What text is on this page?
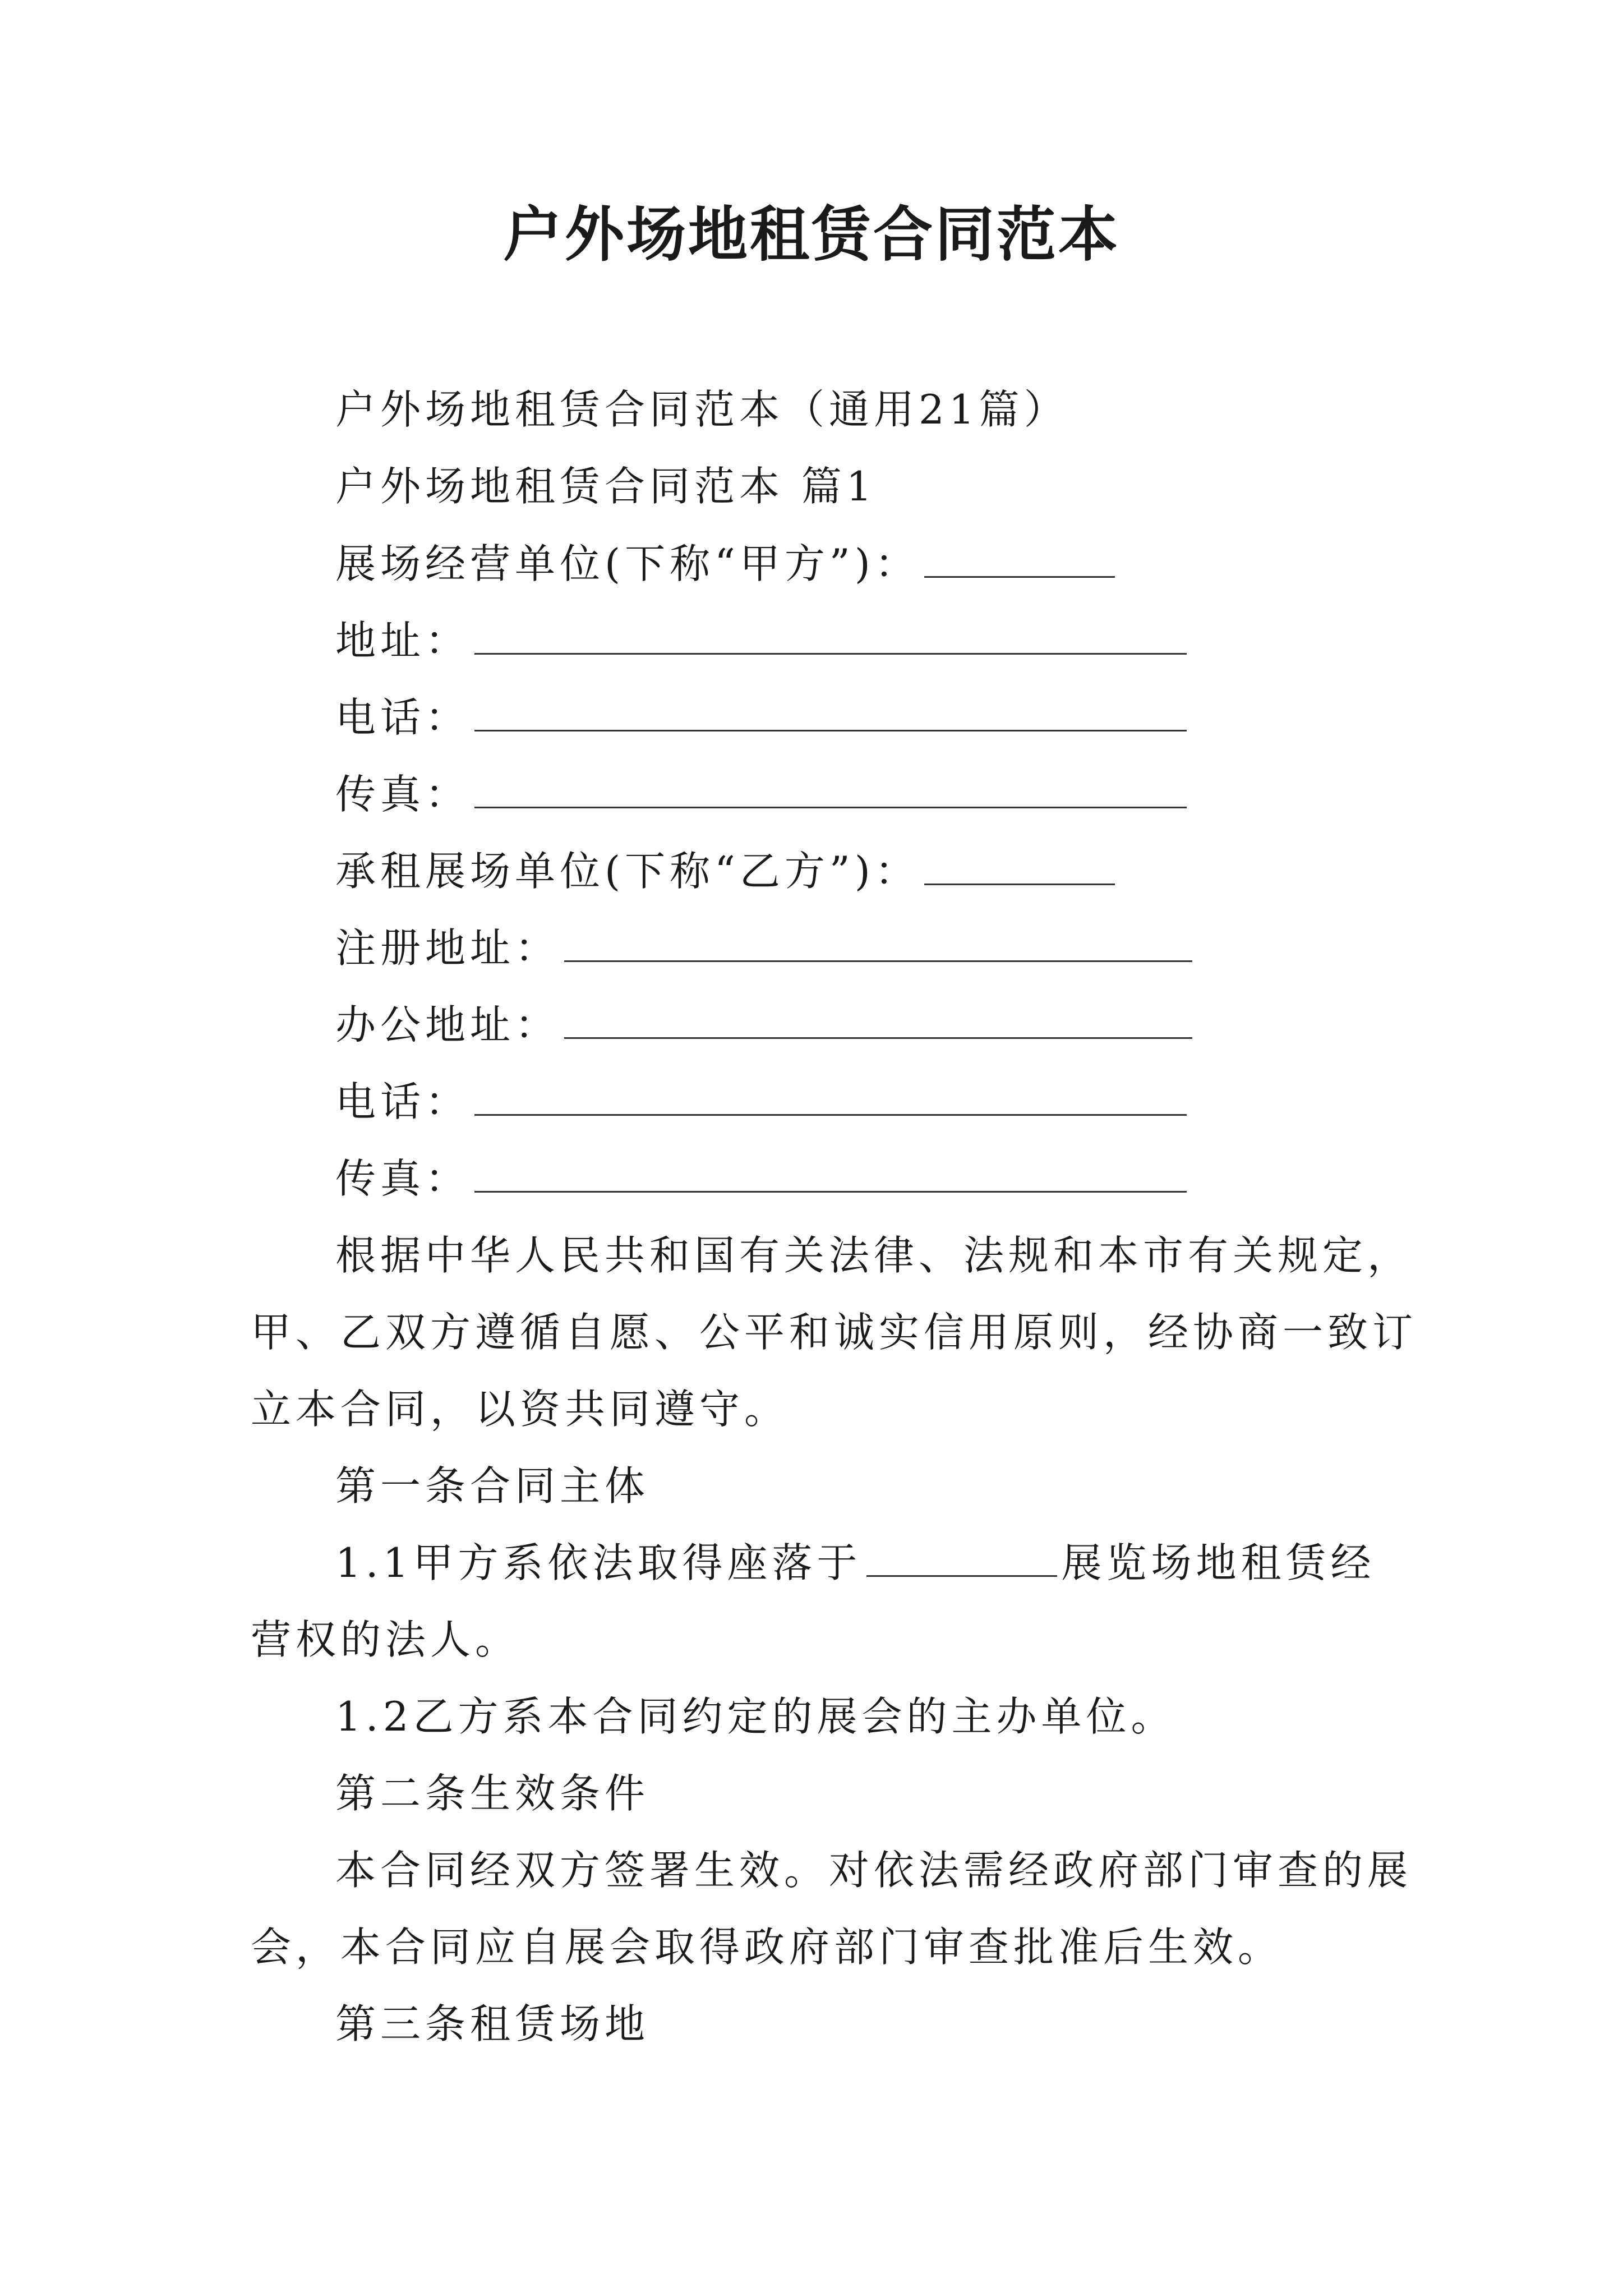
户外场地租赁合同范本
户外场地租赁合同范本（通用21篇）
户外场地租赁合同范本 篇1
展场经营单位(下称“甲方”)：
地址：
电话：
传真：
承租展场单位(下称“乙方”)：
注册地址：
办公地址：
电话：
传真：
根据中华人民共和国有关法律、法规和本市有关规定，
甲、乙双方遵循自愿、公平和诚实信用原则，经协商一致订
立本合同，以资共同遵守。
第一条合同主体
1.1甲方系依法取得座落于	展览场地租赁经
营权的法人。
1.2乙方系本合同约定的展会的主办单位。
第二条生效条件
本合同经双方签署生效。对依法需经政府部门审查的展
会，本合同应自展会取得政府部门审查批准后生效。
第三条租赁场地
